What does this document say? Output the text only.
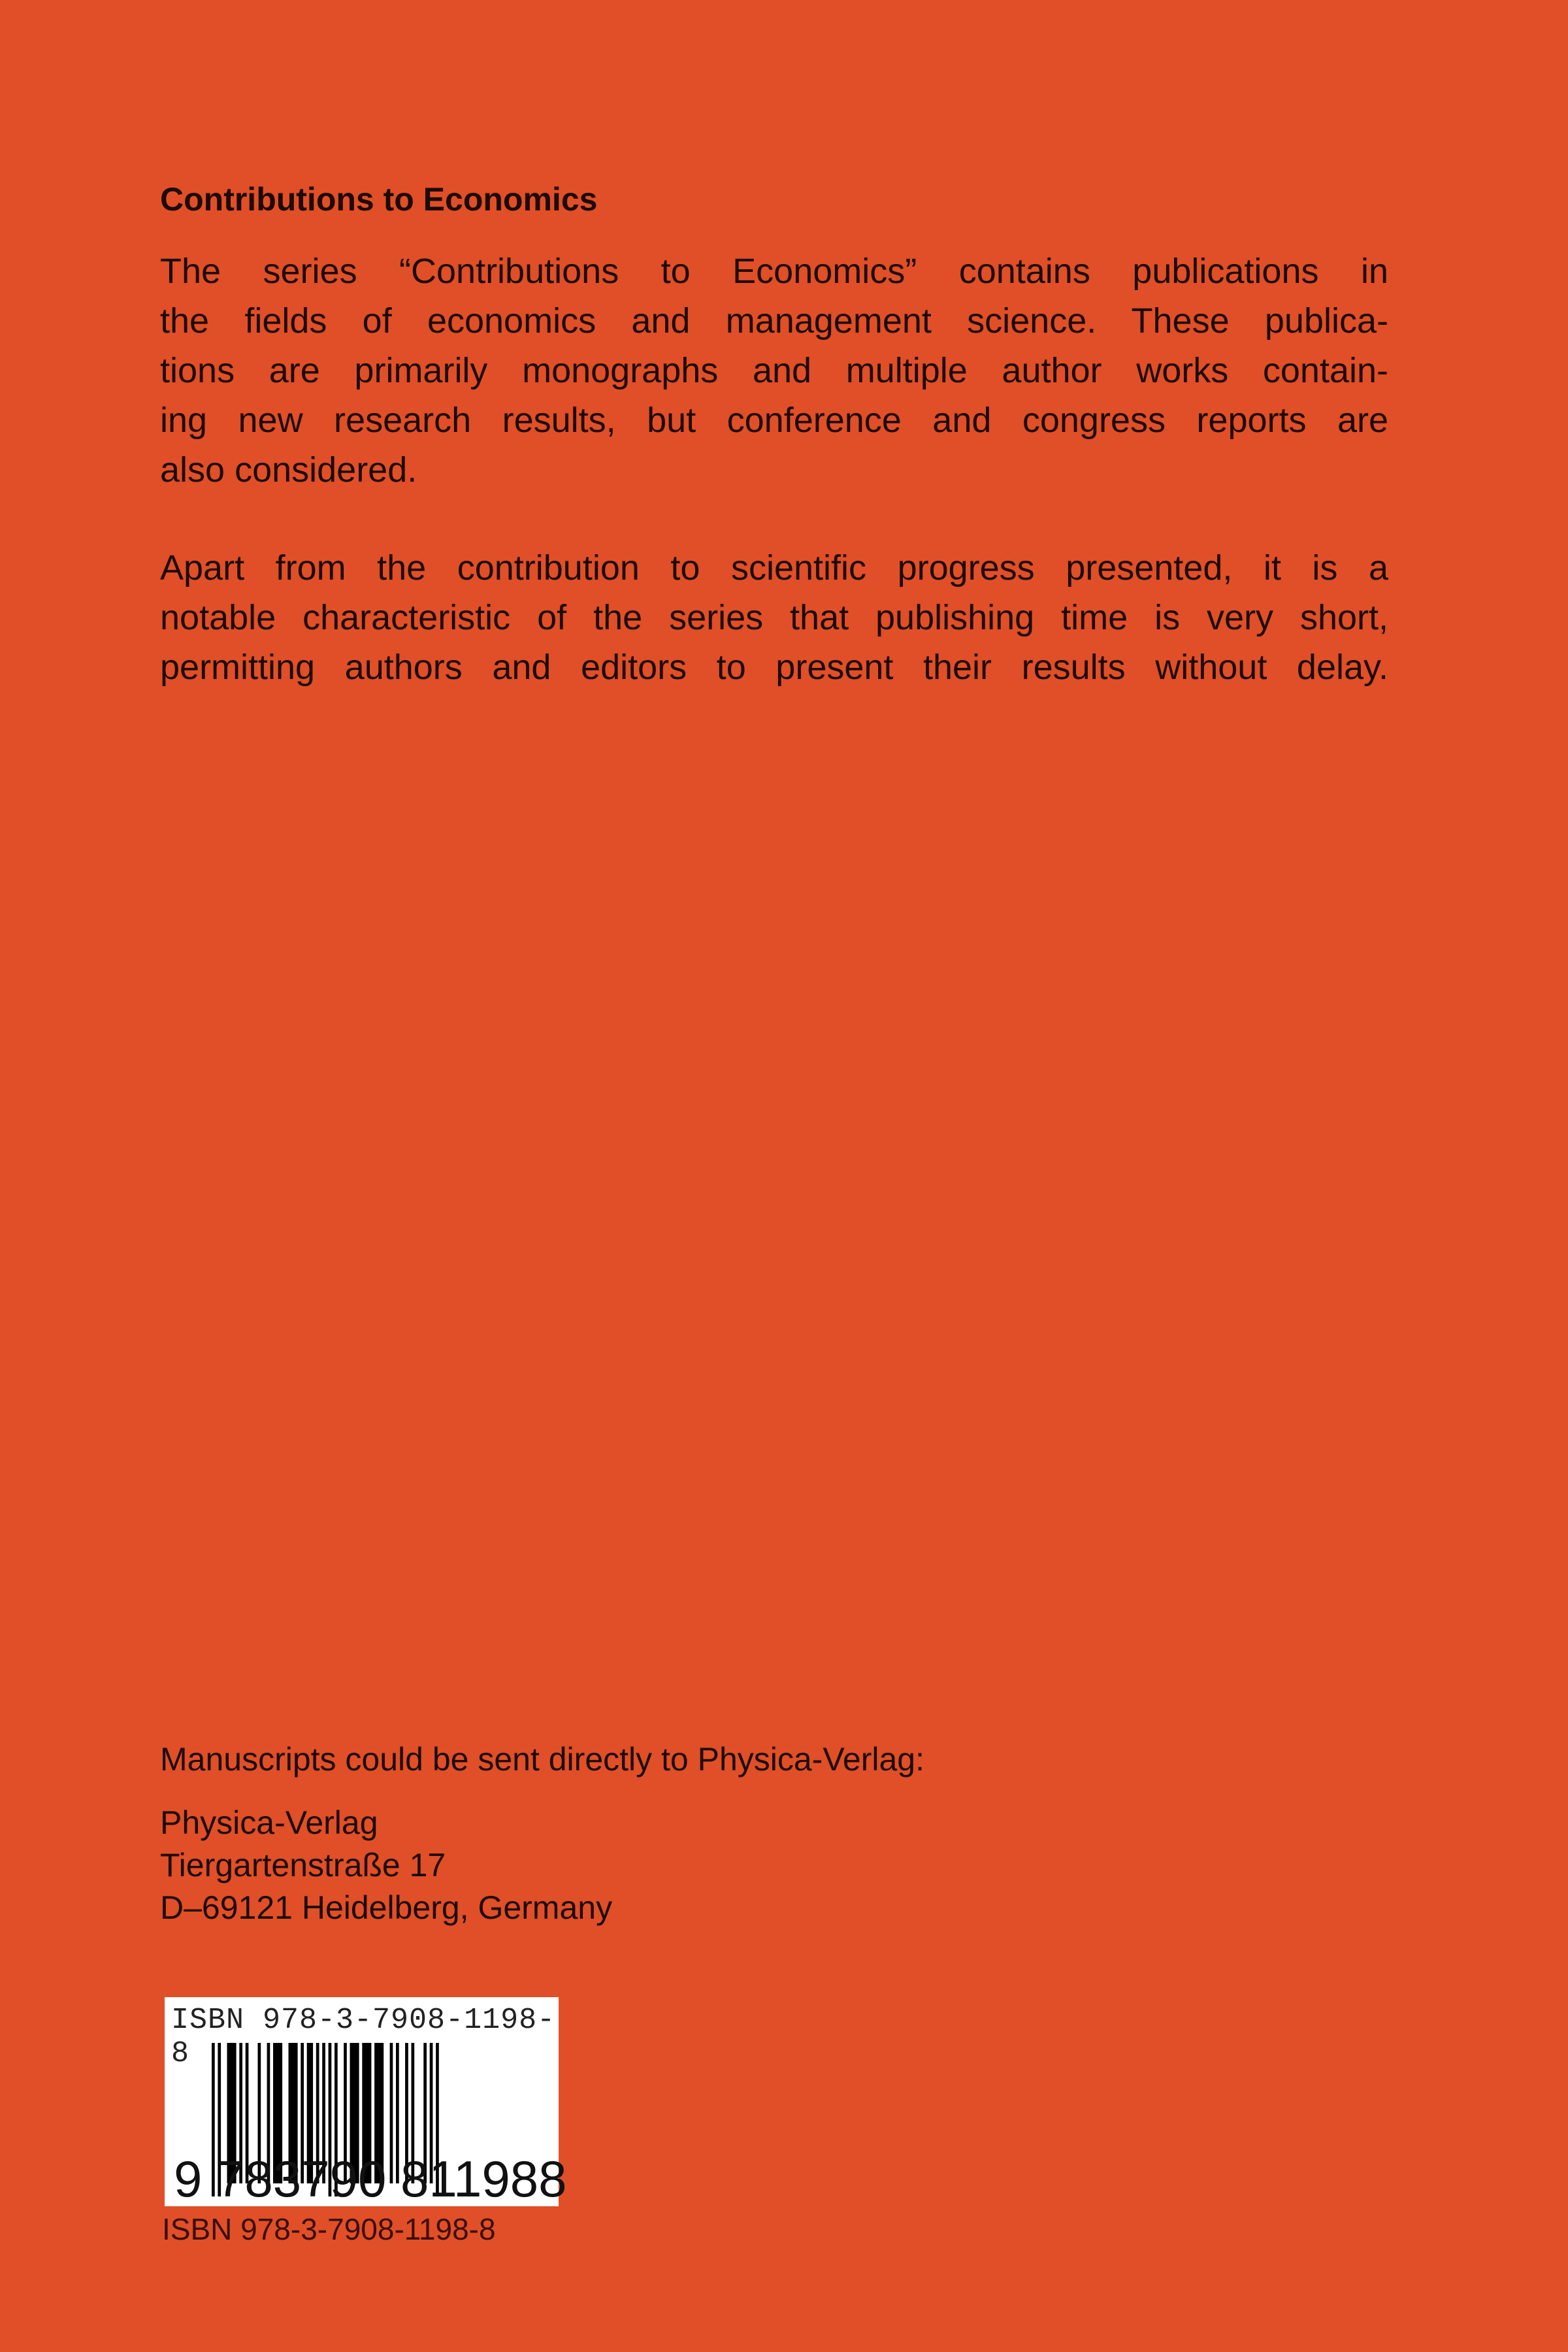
Contributions to Economics
The series “Contributions to Economics” contains publications in
the fields of economics and management science. These publica-
tions are primarily monographs and multiple author works contain-
ing new research results, but conference and congress reports are
also considered.
Apart from the contribution to scientific progress presented, it is a
notable characteristic of the series that publishing time is very short,
permitting authors and editors to present their results without delay.
Manuscripts could be sent directly to Physica-Verlag:
Physica-Verlag
Tiergartenstraße 17
D–69121 Heidelberg, Germany
ISBN 978-3-7908-1198-8
9 783790 811988
ISBN 978-3-7908-1198-8
